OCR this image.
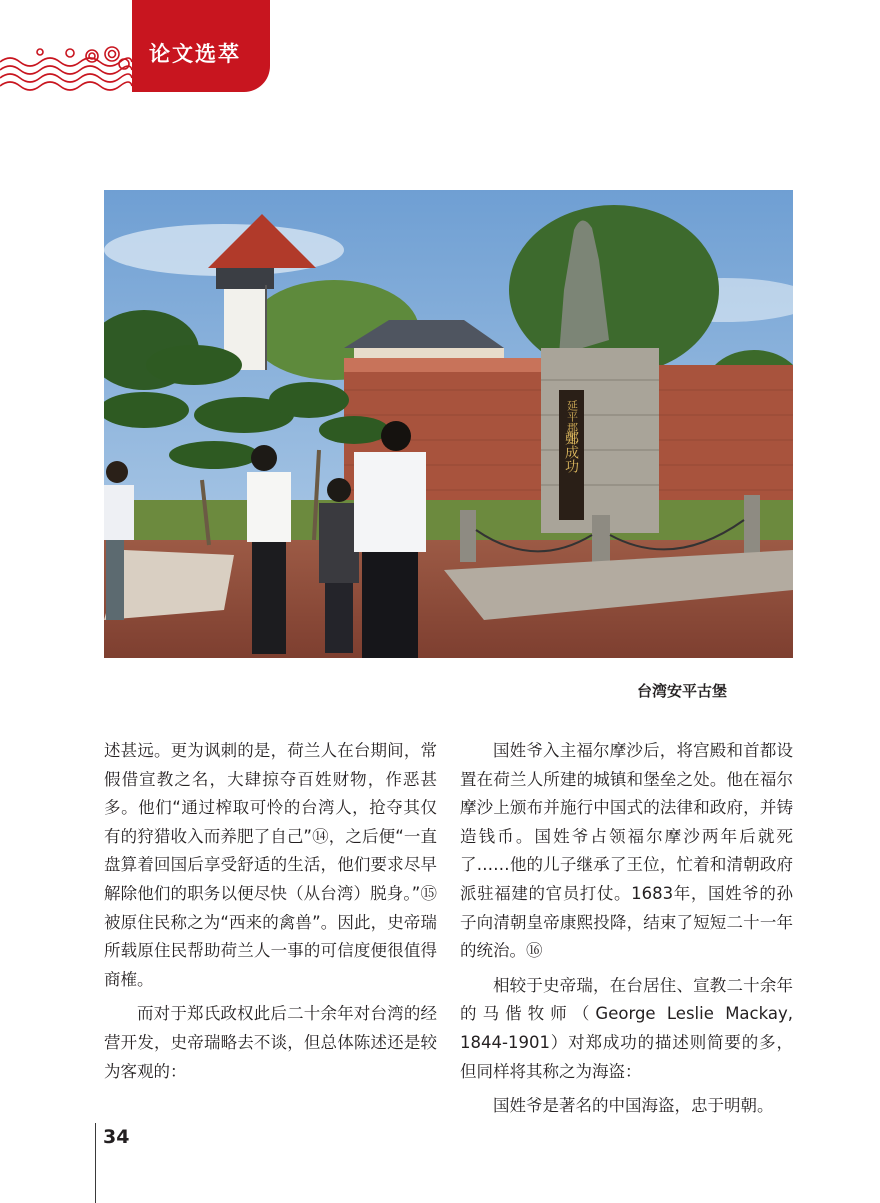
论文选萃
延平郡王
鄭成功
台湾安平古堡

述甚远。更为讽刺的是，荷兰人在台期间，常假借宣教之名，大肆掠夺百姓财物，作恶甚多。他们“通过榨取可怜的台湾人，抢夺其仅有的狩猎收入而养肥了自己”⑭，之后便“一直盘算着回国后享受舒适的生活，他们要求尽早解除他们的职务以便尽快（从台湾）脱身。”⑮被原住民称之为“西来的禽兽”。因此，史帝瑞所载原住民帮助荷兰人一事的可信度便很值得商榷。

而对于郑氏政权此后二十余年对台湾的经营开发，史帝瑞略去不谈，但总体陈述还是较为客观的：

国姓爷入主福尔摩沙后，将宫殿和首都设置在荷兰人所建的城镇和堡垒之处。他在福尔摩沙上颁布并施行中国式的法律和政府，并铸造钱币。国姓爷占领福尔摩沙两年后就死了……他的儿子继承了王位，忙着和清朝政府派驻福建的官员打仗。1683年，国姓爷的孙子向清朝皇帝康熙投降，结束了短短二十一年的统治。⑯

相较于史帝瑞，在台居住、宣教二十余年的马偕牧师（George Leslie Mackay, 1844-1901）对郑成功的描述则简要的多，但同样将其称之为海盗：

国姓爷是著名的中国海盗，忠于明朝。

34
